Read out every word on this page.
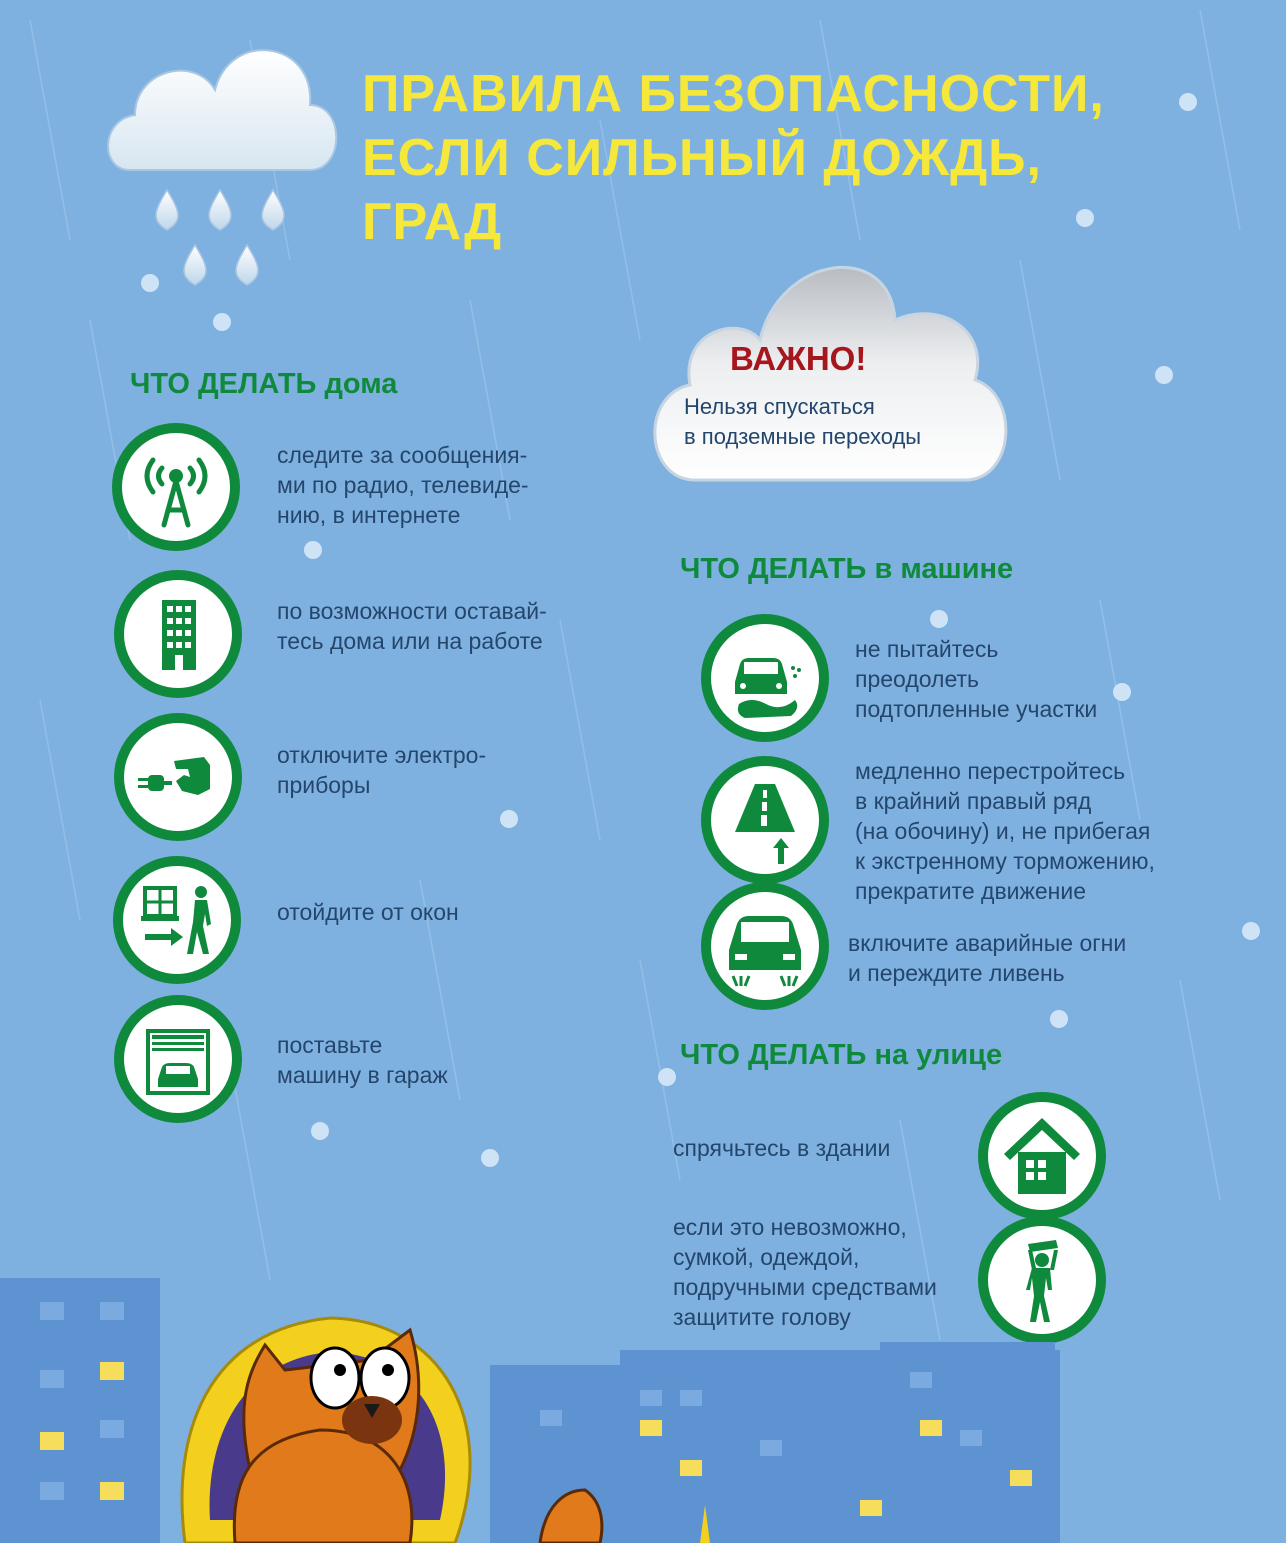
ПРАВИЛА БЕЗОПАСНОСТИ,
ЕСЛИ СИЛЬНЫЙ ДОЖДЬ,
ГРАД
ВАЖНО!
Нельзя спускаться
в подземные переходы
ЧТО ДЕЛАТЬ дома
следите за сообщения-
ми по радио, телевиде-
нию, в интернете
по возможности оставай-
тесь дома или на работе
отключите электро-
приборы
отойдите от окон
поставьте
машину в гараж
ЧТО ДЕЛАТЬ в машине
не пытайтесь
преодолеть
подтопленные участки
медленно перестройтесь
в крайний правый ряд
(на обочину) и, не прибегая
к экстренному торможению,
прекратите движение
включите аварийные огни
и переждите ливень
ЧТО ДЕЛАТЬ на улице
спрячьтесь в здании
если это невозможно,
сумкой, одеждой,
подручными средствами
защитите голову
